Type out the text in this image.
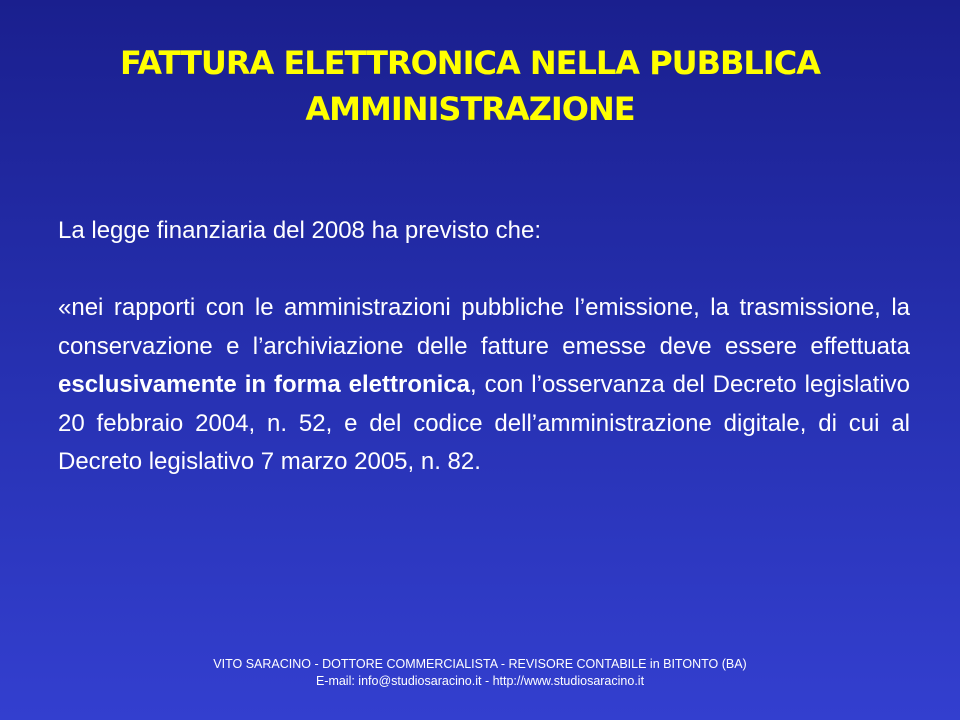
FATTURA ELETTRONICA NELLA PUBBLICA
AMMINISTRAZIONE
La legge finanziaria del 2008 ha previsto che:
«nei rapporti con le amministrazioni pubbliche l’emissione, la trasmissione, la conservazione e l’archiviazione delle fatture emesse deve essere effettuata esclusivamente in forma elettronica, con l’osservanza del Decreto legislativo 20 febbraio 2004, n. 52, e del codice dell’amministrazione digitale, di cui al Decreto legislativo 7 marzo 2005, n. 82.
VITO SARACINO - DOTTORE COMMERCIALISTA - REVISORE CONTABILE in BITONTO (BA)
E-mail: info@studiosaracino.it - http://www.studiosaracino.it
